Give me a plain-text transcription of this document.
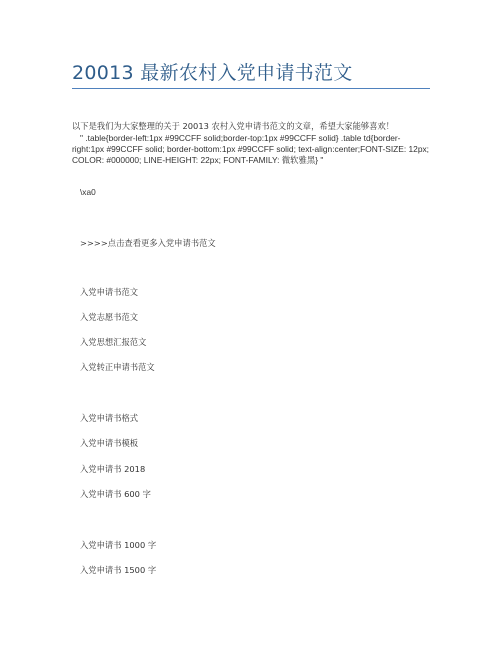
20013 最新农村入党申请书范文
以下是我们为大家整理的关于 20013 农村入党申请书范文的文章，希望大家能够喜欢！
" .table{border-left:1px #99CCFF solid;border-top:1px #99CCFF solid} .table td{border-right:1px #99CCFF solid; border-bottom:1px #99CCFF solid; text-align:center;FONT-SIZE: 12px; COLOR: #000000; LINE-HEIGHT: 22px; FONT-FAMILY: 微软雅黑} "
\xa0
>>>>点击查看更多入党申请书范文
入党申请书范文
入党志愿书范文
入党思想汇报范文
入党转正申请书范文
入党申请书格式
入党申请书模板
入党申请书 2018
入党申请书 600 字
入党申请书 1000 字
入党申请书 1500 字
